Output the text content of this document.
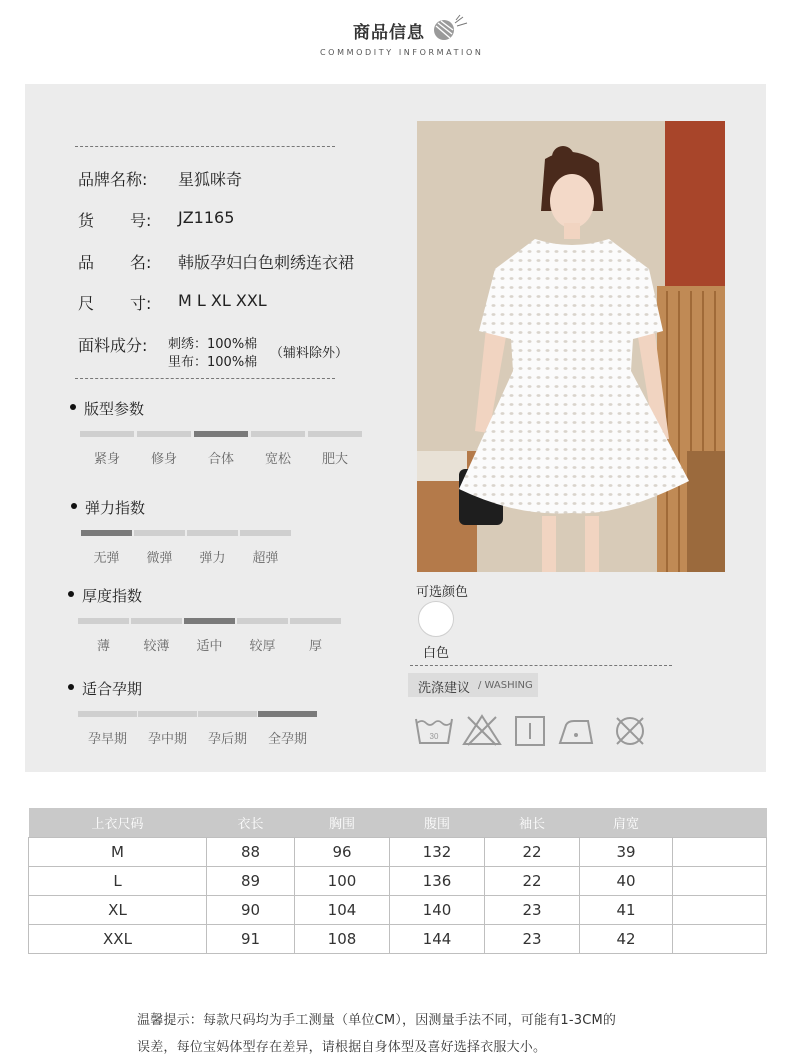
商品信息
COMMODITY INFORMATION
品牌名称: 星狐咪奇
货 号: JZ1165
品 名: 韩版孕妇白色刺绣连衣裙
尺 寸: M L XL XXL
面料成分: 刺绣：100%棉
里布：100%棉
（辅料除外）
版型参数
紧身	修身	合体	宽松	肥大
弹力指数
无弹	微弹	弹力	超弹
厚度指数
薄	较薄	适中	较厚	厚
适合孕期
孕早期	孕中期	孕后期	全孕期
可选颜色
白色
洗涤建议 / WASHING
30
上衣尺码	衣长	胸围	腹围	袖长	肩宽	
M	88	96	132	22	39	
L	89	100	136	22	40	
XL	90	104	140	23	41	
XXL	91	108	144	23	42	
温馨提示：每款尺码均为手工测量（单位CM），因测量手法不同，可能有1-3CM的
误差，每位宝妈体型存在差异，请根据自身体型及喜好选择衣服大小。
